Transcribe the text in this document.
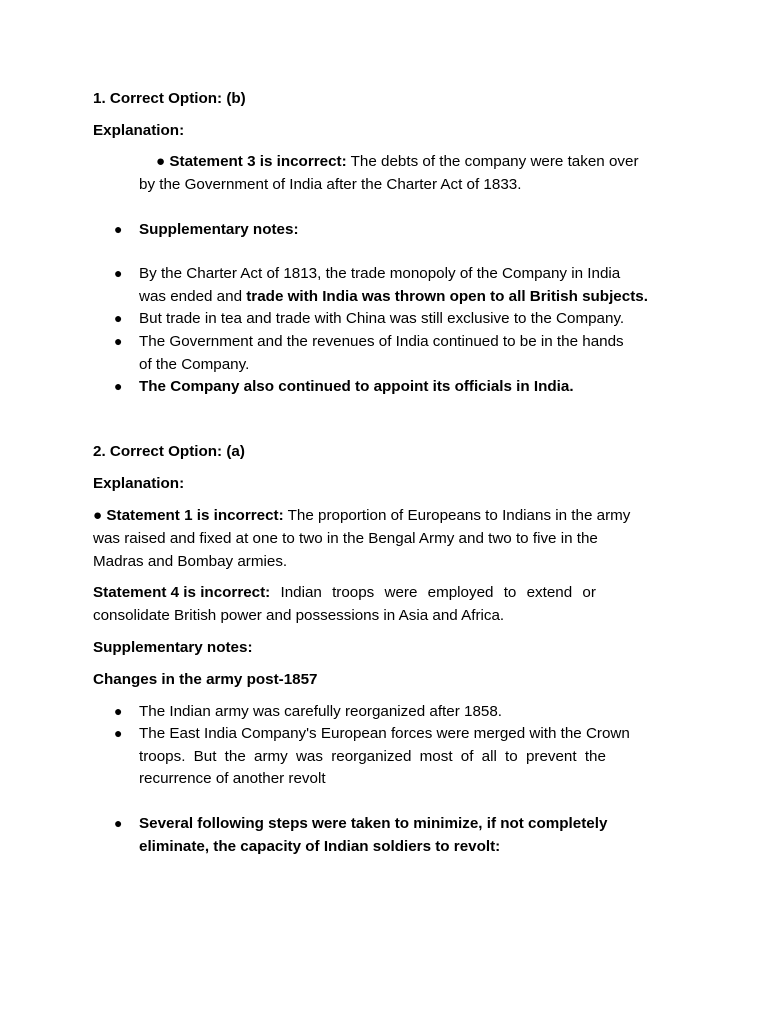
1. Correct Option: (b)
Explanation:
● Statement 3 is incorrect: The debts of the company were taken over
by the Government of India after the Charter Act of 1833.
● Supplementary notes:
● By the Charter Act of 1813, the trade monopoly of the Company in India
was ended and trade with India was thrown open to all British subjects.
● But trade in tea and trade with China was still exclusive to the Company.
● The Government and the revenues of India continued to be in the hands
of the Company.
● The Company also continued to appoint its officials in India.
2. Correct Option: (a)
Explanation:
● Statement 1 is incorrect: The proportion of Europeans to Indians in the army
was raised and fixed at one to two in the Bengal Army and two to five in the
Madras and Bombay armies.
Statement 4 is incorrect: Indian troops were employed to extend or
consolidate British power and possessions in Asia and Africa.
Supplementary notes:
Changes in the army post-1857
● The Indian army was carefully reorganized after 1858.
● The East India Company's European forces were merged with the Crown
troops. But the army was reorganized most of all to prevent the
recurrence of another revolt
● Several following steps were taken to minimize, if not completely
eliminate, the capacity of Indian soldiers to revolt:
